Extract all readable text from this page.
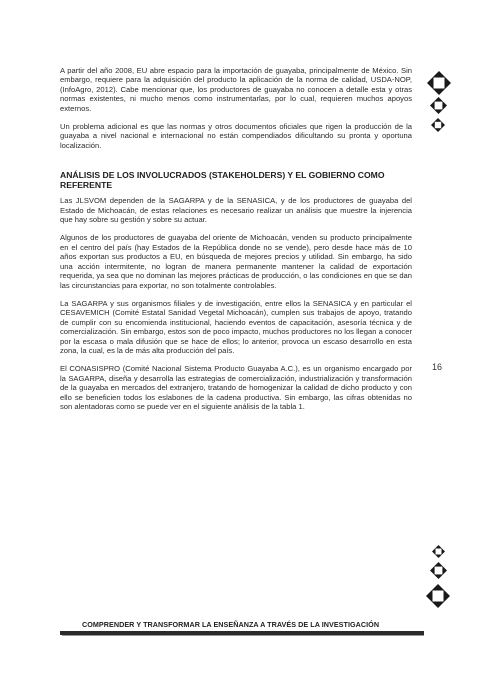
A partir del año 2008, EU abre espacio para la importación de guayaba, principalmente de México. Sin embargo, requiere para la adquisición del producto la aplicación de la norma de calidad, USDA-NOP, (InfoAgro, 2012). Cabe mencionar que, los productores de guayaba no conocen a detalle esta y otras normas existentes, ni mucho menos como instrumentarlas, por lo cual, requieren muchos apoyos externos.

Un problema adicional es que las normas y otros documentos oficiales que rigen la producción de la guayaba a nivel nacional e internacional no están compendiados dificultando su pronta y oportuna localización.

ANÁLISIS DE LOS INVOLUCRADOS (STAKEHOLDERS) Y EL GOBIERNO COMO REFERENTE

Las JLSVOM dependen de la SAGARPA y de la SENASICA, y de los productores de guayaba del Estado de Michoacán, de estas relaciones es necesario realizar un análisis que muestre la injerencia que hay sobre su gestión y sobre su actuar.

Algunos de los productores de guayaba del oriente de Michoacán, venden su producto principalmente en el centro del país (hay Estados de la República donde no se vende), pero desde hace más de 10 años exportan sus productos a EU, en búsqueda de mejores precios y utilidad. Sin embargo, ha sido una acción intermitente, no logran de manera permanente mantener la calidad de exportación requerida, ya sea que no dominan las mejores prácticas de producción, o las condiciones en que se dan las circunstancias para exportar, no son totalmente controlables.

La SAGARPA y sus organismos filiales y de investigación, entre ellos la SENASICA y en particular el CESAVEMICH (Comité Estatal Sanidad Vegetal Michoacán), cumplen sus trabajos de apoyo, tratando de cumplir con su encomienda institucional, haciendo eventos de capacitación, asesoría técnica y de comercialización. Sin embargo, estos son de poco impacto, muchos productores no los llegan a conocer por la escasa o mala difusión que se hace de ellos; lo anterior, provoca un escaso desarrollo en esta zona, la cual, es la de más alta producción del país.

El CONASISPRO (Comité Nacional Sistema Producto Guayaba A.C.), es un organismo encargado por la SAGARPA, diseña y desarrolla las estrategias de comercialización, industrialización y transformación de la guayaba en mercados del extranjero, tratando de homogenizar la calidad de dicho producto y con ello se beneficien todos los eslabones de la cadena productiva. Sin embargo, las cifras obtenidas no son alentadoras como se puede ver en el siguiente análisis de la tabla 1.

16
COMPRENDER Y TRANSFORMAR LA ENSEÑANZA A TRAVÉS DE LA INVESTIGACIÓN
